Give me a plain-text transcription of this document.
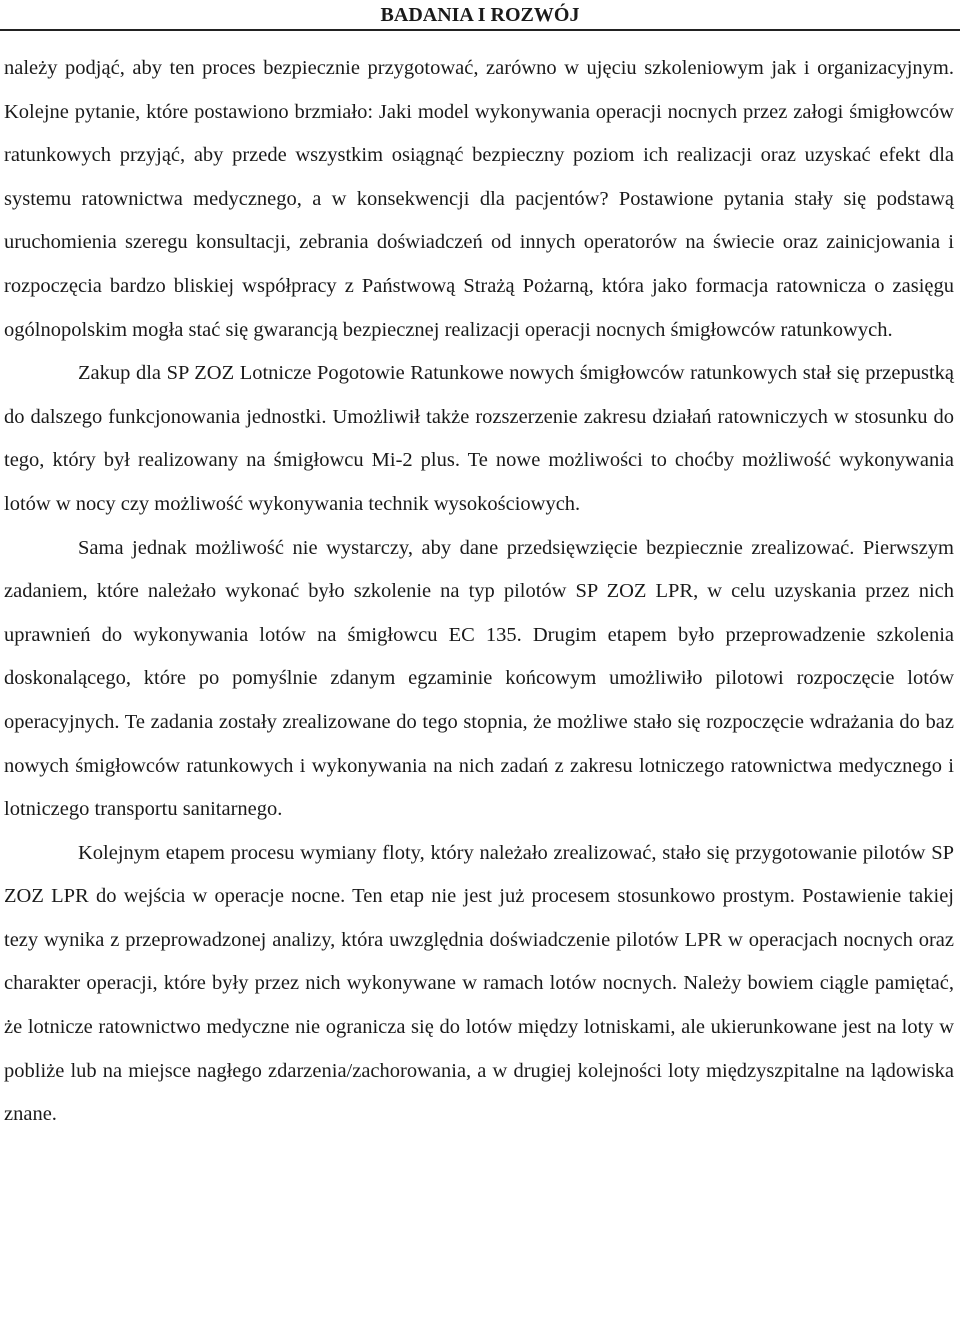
BADANIA I ROZWÓJ

należy podjąć, aby ten proces bezpiecznie przygotować, zarówno w ujęciu szkoleniowym jak i organizacyjnym. Kolejne pytanie, które postawiono brzmiało: Jaki model wykonywania operacji nocnych przez załogi śmigłowców ratunkowych przyjąć, aby przede wszystkim osiągnąć bezpieczny poziom ich realizacji oraz uzyskać efekt dla systemu ratownictwa medycznego, a w konsekwencji dla pacjentów? Postawione pytania stały się podstawą uruchomienia szeregu konsultacji, zebrania doświadczeń od innych operatorów na świecie oraz zainicjowania i rozpoczęcia bardzo bliskiej współpracy z Państwową Strażą Pożarną, która jako formacja ratownicza o zasięgu ogólnopolskim mogła stać się gwarancją bezpiecznej realizacji operacji nocnych śmigłowców ratunkowych.

Zakup dla SP ZOZ Lotnicze Pogotowie Ratunkowe nowych śmigłowców ratunkowych stał się przepustką do dalszego funkcjonowania jednostki. Umożliwił także rozszerzenie zakresu działań ratowniczych w stosunku do tego, który był realizowany na śmigłowcu Mi-2 plus. Te nowe możliwości to choćby możliwość wykonywania lotów w nocy czy możliwość wykonywania technik wysokościowych.

Sama jednak możliwość nie wystarczy, aby dane przedsięwzięcie bezpiecznie zrealizować. Pierwszym zadaniem, które należało wykonać było szkolenie na typ pilotów SP ZOZ LPR, w celu uzyskania przez nich uprawnień do wykonywania lotów na śmigłowcu EC 135. Drugim etapem było przeprowadzenie szkolenia doskonalącego, które po pomyślnie zdanym egzaminie końcowym umożliwiło pilotowi rozpoczęcie lotów operacyjnych. Te zadania zostały zrealizowane do tego stopnia, że możliwe stało się rozpoczęcie wdrażania do baz nowych śmigłowców ratunkowych i wykonywania na nich zadań z zakresu lotniczego ratownictwa medycznego i lotniczego transportu sanitarnego.

Kolejnym etapem procesu wymiany floty, który należało zrealizować, stało się przygotowanie pilotów SP ZOZ LPR do wejścia w operacje nocne. Ten etap nie jest już procesem stosunkowo prostym. Postawienie takiej tezy wynika z przeprowadzonej analizy, która uwzględnia doświadczenie pilotów LPR w operacjach nocnych oraz charakter operacji, które były przez nich wykonywane w ramach lotów nocnych. Należy bowiem ciągle pamiętać, że lotnicze ratownictwo medyczne nie ogranicza się do lotów między lotniskami, ale ukierunkowane jest na loty w pobliże lub na miejsce nagłego zdarzenia/zachorowania, a w drugiej kolejności loty międzyszpitalne na lądowiska znane.
